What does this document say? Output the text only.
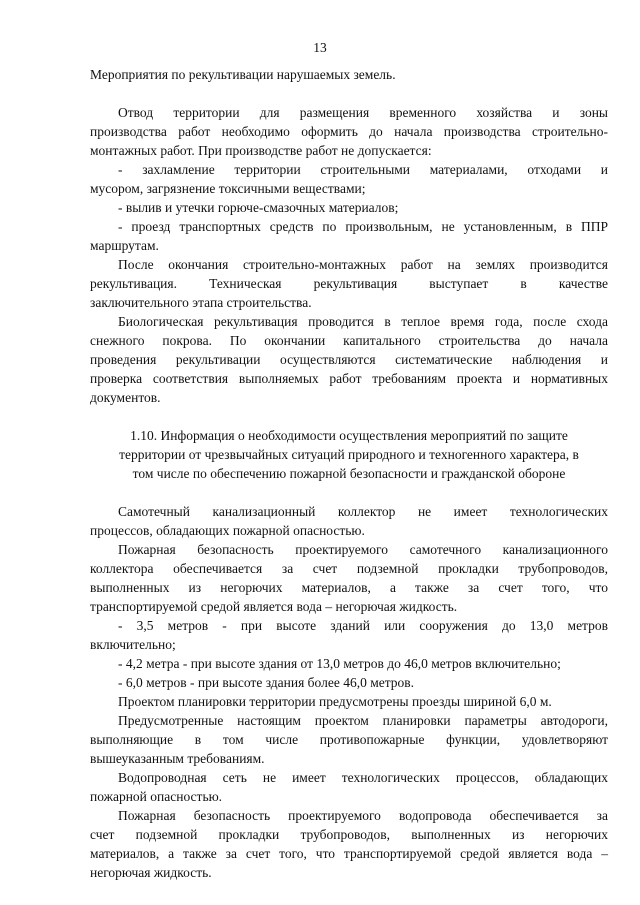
13
Мероприятия по рекультивации нарушаемых земель.
Отвод территории для размещения временного хозяйства и зоны
производства работ необходимо оформить до начала производства строительно-
монтажных работ. При производстве работ не допускается:
- захламление территории строительными материалами, отходами и
мусором, загрязнение токсичными веществами;
- вылив и утечки горюче-смазочных материалов;
- проезд транспортных средств по произвольным, не установленным, в ППР
маршрутам.
После окончания строительно-монтажных работ на землях производится
рекультивация. Техническая рекультивация выступает в качестве
заключительного этапа строительства.
Биологическая рекультивация проводится в теплое время года, после схода
снежного покрова. По окончании капитального строительства до начала
проведения рекультивации осуществляются систематические наблюдения и
проверка соответствия выполняемых работ требованиям проекта и нормативных
документов.
1.10. Информация о необходимости осуществления мероприятий по защите
территории от чрезвычайных ситуаций природного и техногенного характера, в
том числе по обеспечению пожарной безопасности и гражданской обороне
Самотечный канализационный коллектор не имеет технологических
процессов, обладающих пожарной опасностью.
Пожарная безопасность проектируемого самотечного канализационного
коллектора обеспечивается за счет подземной прокладки трубопроводов,
выполненных из негорючих материалов, а также за счет того, что
транспортируемой средой является вода – негорючая жидкость.
- 3,5 метров - при высоте зданий или сооружения до 13,0 метров
включительно;
- 4,2 метра - при высоте здания от 13,0 метров до 46,0 метров включительно;
- 6,0 метров - при высоте здания более 46,0 метров.
Проектом планировки территории предусмотрены проезды шириной 6,0 м.
Предусмотренные настоящим проектом планировки параметры автодороги,
выполняющие в том числе противопожарные функции, удовлетворяют
вышеуказанным требованиям.
Водопроводная сеть не имеет технологических процессов, обладающих
пожарной опасностью.
Пожарная безопасность проектируемого водопровода обеспечивается за
счет подземной прокладки трубопроводов, выполненных из негорючих
материалов, а также за счет того, что транспортируемой средой является вода –
негорючая жидкость.
